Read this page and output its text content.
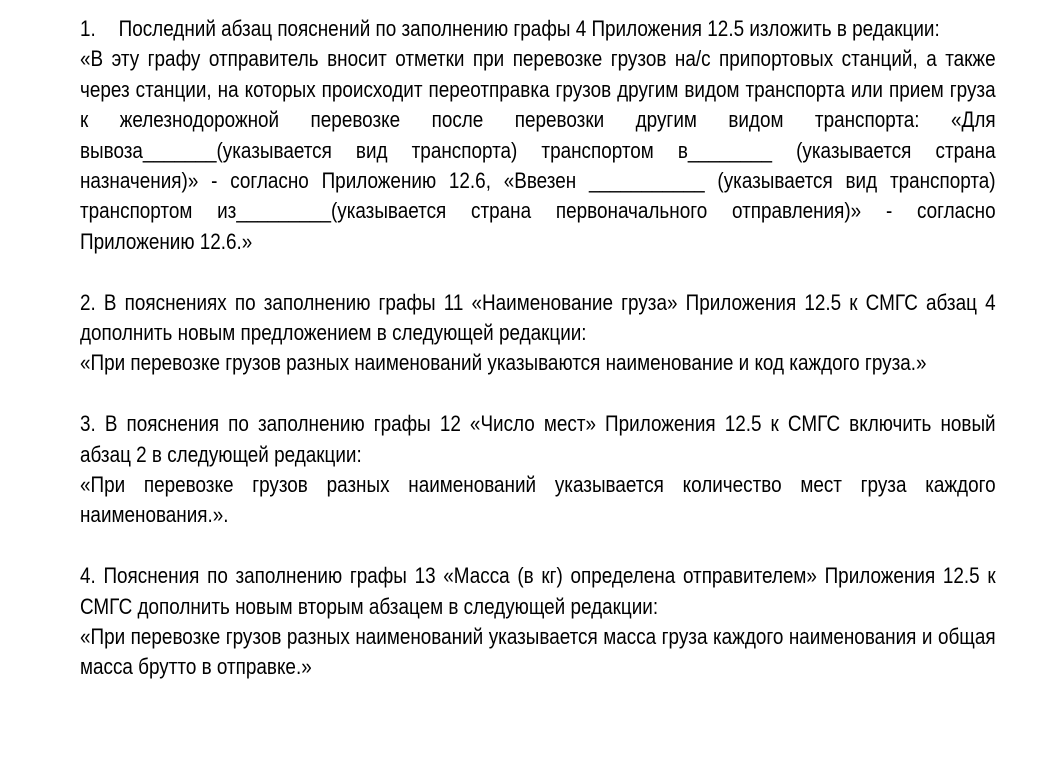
1.	Последний абзац пояснений по заполнению графы 4 Приложения 12.5 изложить в редакции:

«В эту графу отправитель вносит отметки при перевозке грузов на/с припортовых станций, а также через станции, на которых происходит переотправка грузов другим видом транспорта или прием груза к железнодорожной перевозке после перевозки другим видом транспорта: «Для вывоза_______(указывается вид транспорта) транспортом в________ (указывается страна назначения)» - согласно Приложению 12.6, «Ввезен ___________ (указывается вид транспорта) транспортом из_________(указывается страна первоначального отправления)» - согласно Приложению 12.6.»

2. В пояснениях по заполнению графы 11 «Наименование груза» Приложения 12.5 к СМГС абзац 4 дополнить новым предложением в следующей редакции:

«При перевозке грузов разных наименований указываются наименование и код каждого груза.»

3. В пояснения по заполнению графы 12 «Число мест» Приложения 12.5 к СМГС включить новый абзац 2 в следующей редакции:

«При перевозке грузов разных наименований указывается количество мест груза каждого наименования.».

4. Пояснения по заполнению графы 13 «Масса (в кг) определена отправителем» Приложения 12.5 к СМГС дополнить новым вторым абзацем в следующей редакции:

«При перевозке грузов разных наименований указывается масса груза каждого наименования и общая масса брутто в отправке.»
